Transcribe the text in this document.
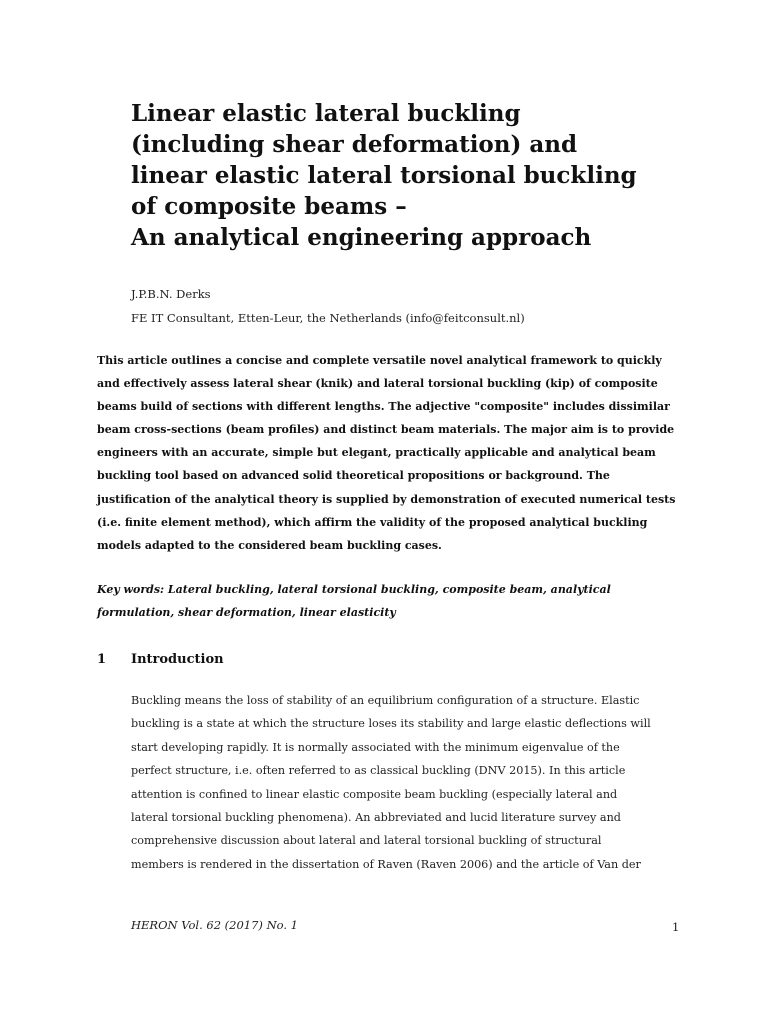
Linear elastic lateral buckling
(including shear deformation) and
linear elastic lateral torsional buckling
of composite beams –
An analytical engineering approach
J.P.B.N. Derks
FE IT Consultant, Etten-Leur, the Netherlands (info@feitconsult.nl)

This article outlines a concise and complete versatile novel analytical framework to quickly
and effectively assess lateral shear (knik) and lateral torsional buckling (kip) of composite
beams build of sections with different lengths. The adjective "composite" includes dissimilar
beam cross-sections (beam profiles) and distinct beam materials. The major aim is to provide
engineers with an accurate, simple but elegant, practically applicable and analytical beam
buckling tool based on advanced solid theoretical propositions or background. The
justification of the analytical theory is supplied by demonstration of executed numerical tests
(i.e. finite element method), which affirm the validity of the proposed analytical buckling
models adapted to the considered beam buckling cases.

Key words: Lateral buckling, lateral torsional buckling, composite beam, analytical
formulation, shear deformation, linear elasticity

1 Introduction

Buckling means the loss of stability of an equilibrium configuration of a structure. Elastic
buckling is a state at which the structure loses its stability and large elastic deflections will
start developing rapidly. It is normally associated with the minimum eigenvalue of the
perfect structure, i.e. often referred to as classical buckling (DNV 2015). In this article
attention is confined to linear elastic composite beam buckling (especially lateral and
lateral torsional buckling phenomena). An abbreviated and lucid literature survey and
comprehensive discussion about lateral and lateral torsional buckling of structural
members is rendered in the dissertation of Raven (Raven 2006) and the article of Van der

HERON Vol. 62 (2017) No. 1	1
